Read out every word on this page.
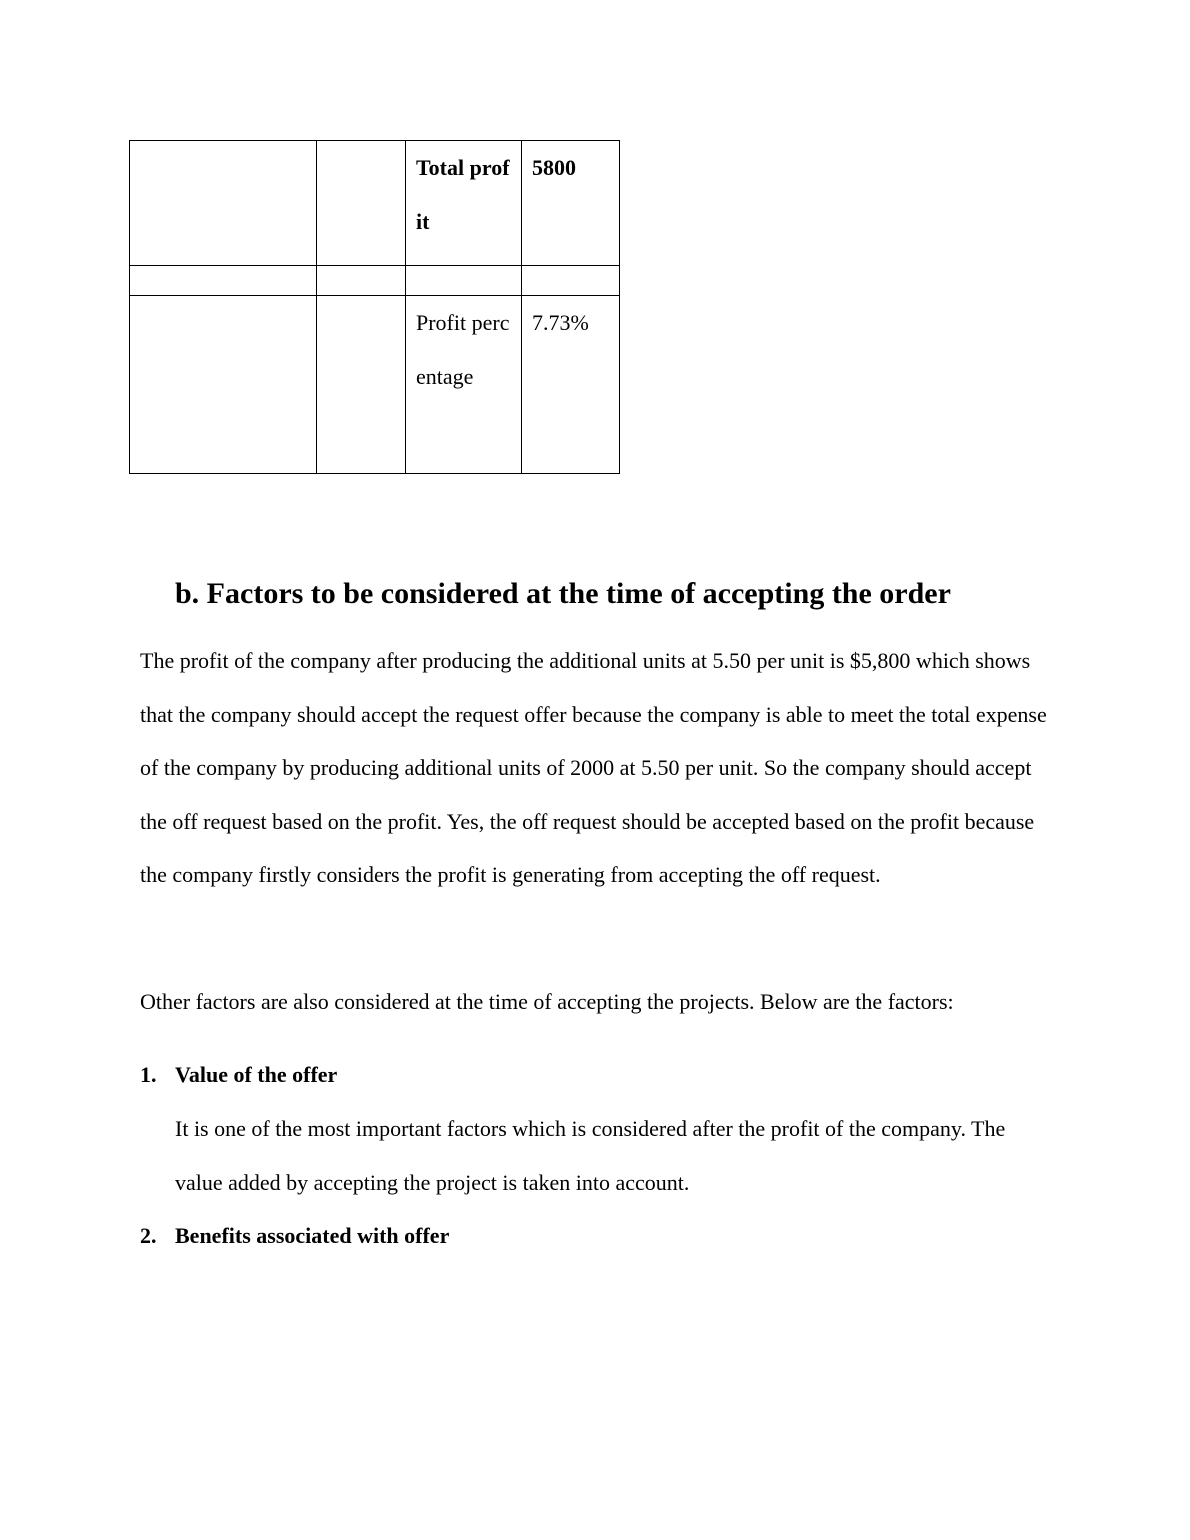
		Total profit	5800

		Profit percentage	7.73%
b. Factors to be considered at the time of accepting the order

The profit of the company after producing the additional units at 5.50 per unit is $5,800 which shows that the company should accept the request offer because the company is able to meet the total expense of the company by producing additional units of 2000 at 5.50 per unit. So the company should accept the off request based on the profit. Yes, the off request should be accepted based on the profit because the company firstly considers the profit is generating from accepting the off request.

Other factors are also considered at the time of accepting the projects. Below are the factors:

1. Value of the offer

It is one of the most important factors which is considered after the profit of the company. The value added by accepting the project is taken into account.

2. Benefits associated with offer
